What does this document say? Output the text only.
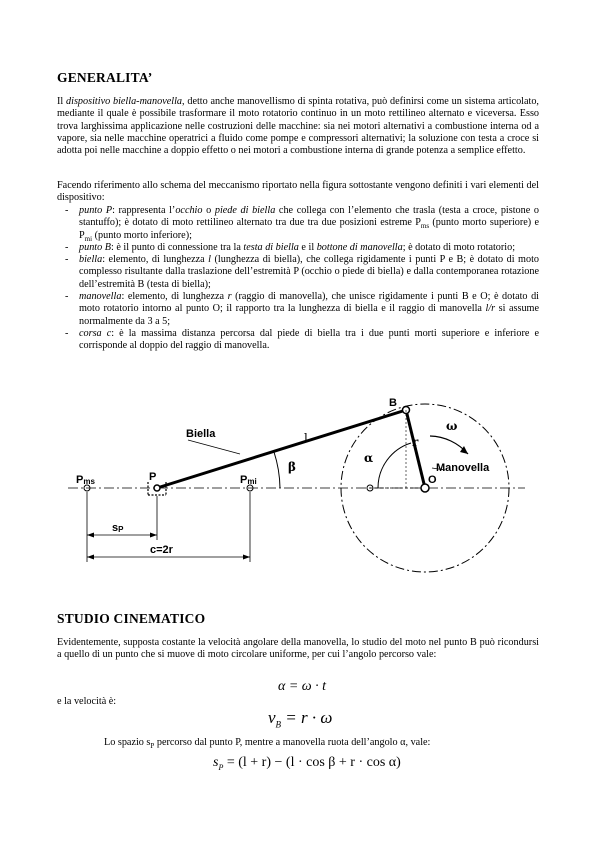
GENERALITA’
Il dispositivo biella-manovella, detto anche manovellismo di spinta rotativa, può definirsi come un sistema articolato, mediante il quale è possibile trasformare il moto rotatorio continuo in un moto rettilineo alternato e viceversa. Esso trova larghissima applicazione nelle costruzioni delle macchine: sia nei motori alternativi a combustione interna od a vapore, sia nelle macchine operatrici a fluido come pompe e compressori alternativi; la soluzione con testa a croce si adotta poi nelle macchine a doppio effetto o nei motori a combustione interna di grande potenza a semplice effetto.
Facendo riferimento allo schema del meccanismo riportato nella figura sottostante vengono definiti i vari elementi del dispositivo:
- punto P: rappresenta l’occhio o piede di biella che collega con l’elemento che trasla (testa a croce, pistone o stantuffo); è dotato di moto rettilineo alternato tra due tra due posizioni estreme $P_{ms}$ (punto morto superiore) e $P_{mi}$ (punto morto inferiore);
- punto B: è il punto di connessione tra la testa di biella e il bottone di manovella; è dotato di moto rotatorio;
- biella: elemento, di lunghezza l (lunghezza di biella), che collega rigidamente i punti P e B; è dotato di moto complesso risultante dalla traslazione dell’estremità P (occhio o piede di biella) e dalla contemporanea rotazione dell’estremità B (testa di biella);
- manovella: elemento, di lunghezza r (raggio di manovella), che unisce rigidamente i punti B e O; è dotato di moto rotatorio intorno al punto O; il rapporto tra la lunghezza di biella e il raggio di manovella l/r si assume normalmente da 3 a 5;
- corsa c: è la massima distanza percorsa dal piede di biella tra i due punti morti superiore e inferiore e corrisponde al doppio del raggio di manovella.
B
ω
Biella	l	r
α
Manovella
β
Pms	P	Pmi	O
sP
c=2r
STUDIO CINEMATICO
Evidentemente, supposta costante la velocità angolare della manovella, lo studio del moto nel punto B può ricondursi a quello di un punto che si muove di moto circolare uniforme, per cui l’angolo percorso vale:
α = ω · t
e la velocità è:
$v_B = r \cdot \omega$
Lo spazio $s_P$ percorso dal punto P, mentre a manovella ruota dell’angolo α, vale:
$s_P = (l + r) - (l \cdot \cos \beta + r \cdot \cos \alpha)$
